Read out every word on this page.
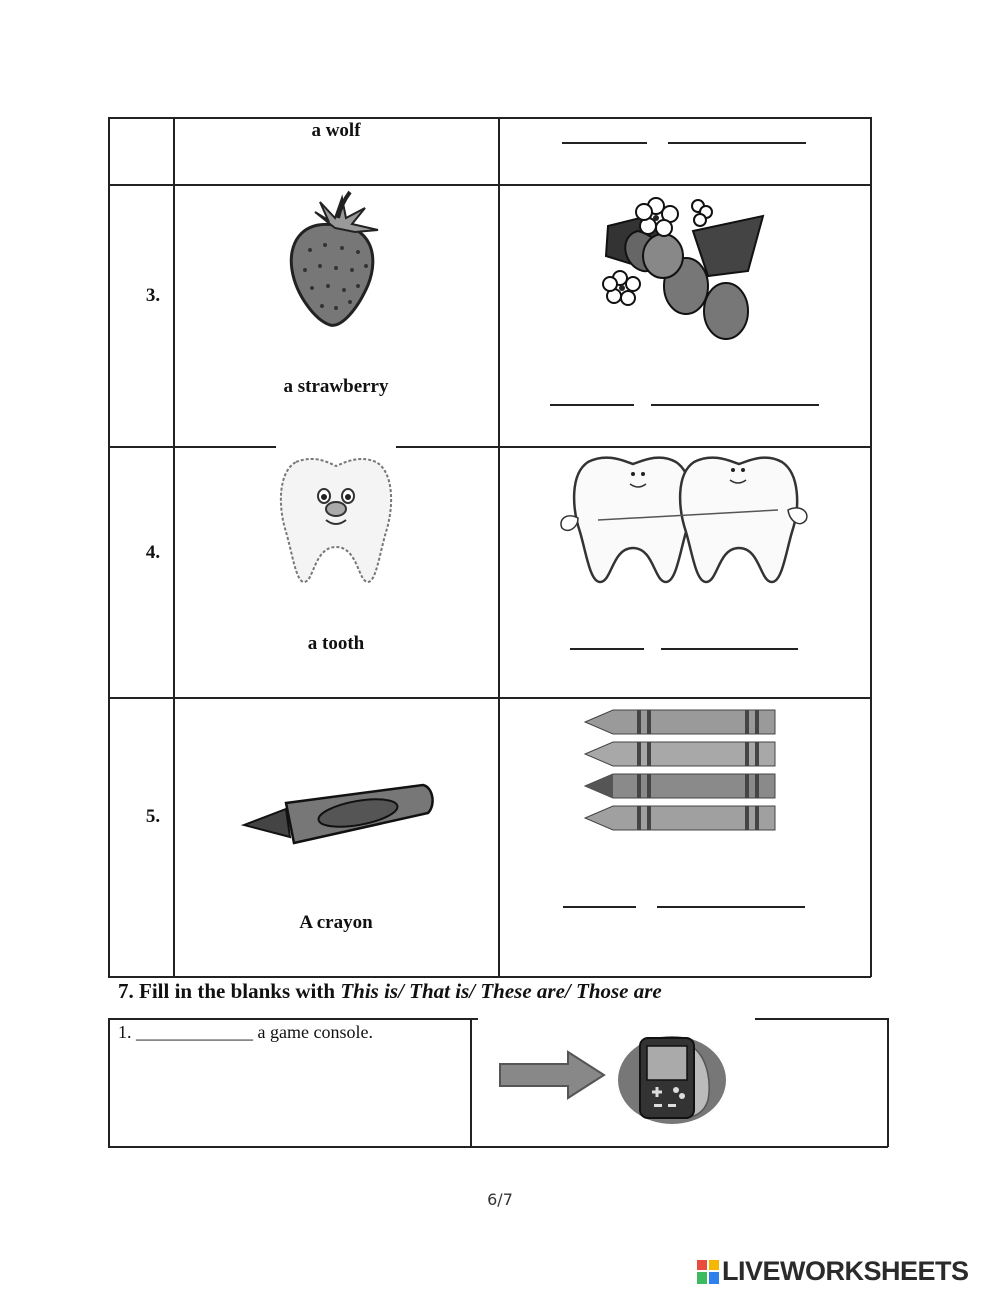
a wolf
3.
a strawberry
4.
a tooth
5.
A crayon
7. Fill in the blanks with This is/ That is/ These are/ Those are
1. _____________ a game console.
6/7
LIVEWORKSHEETS
